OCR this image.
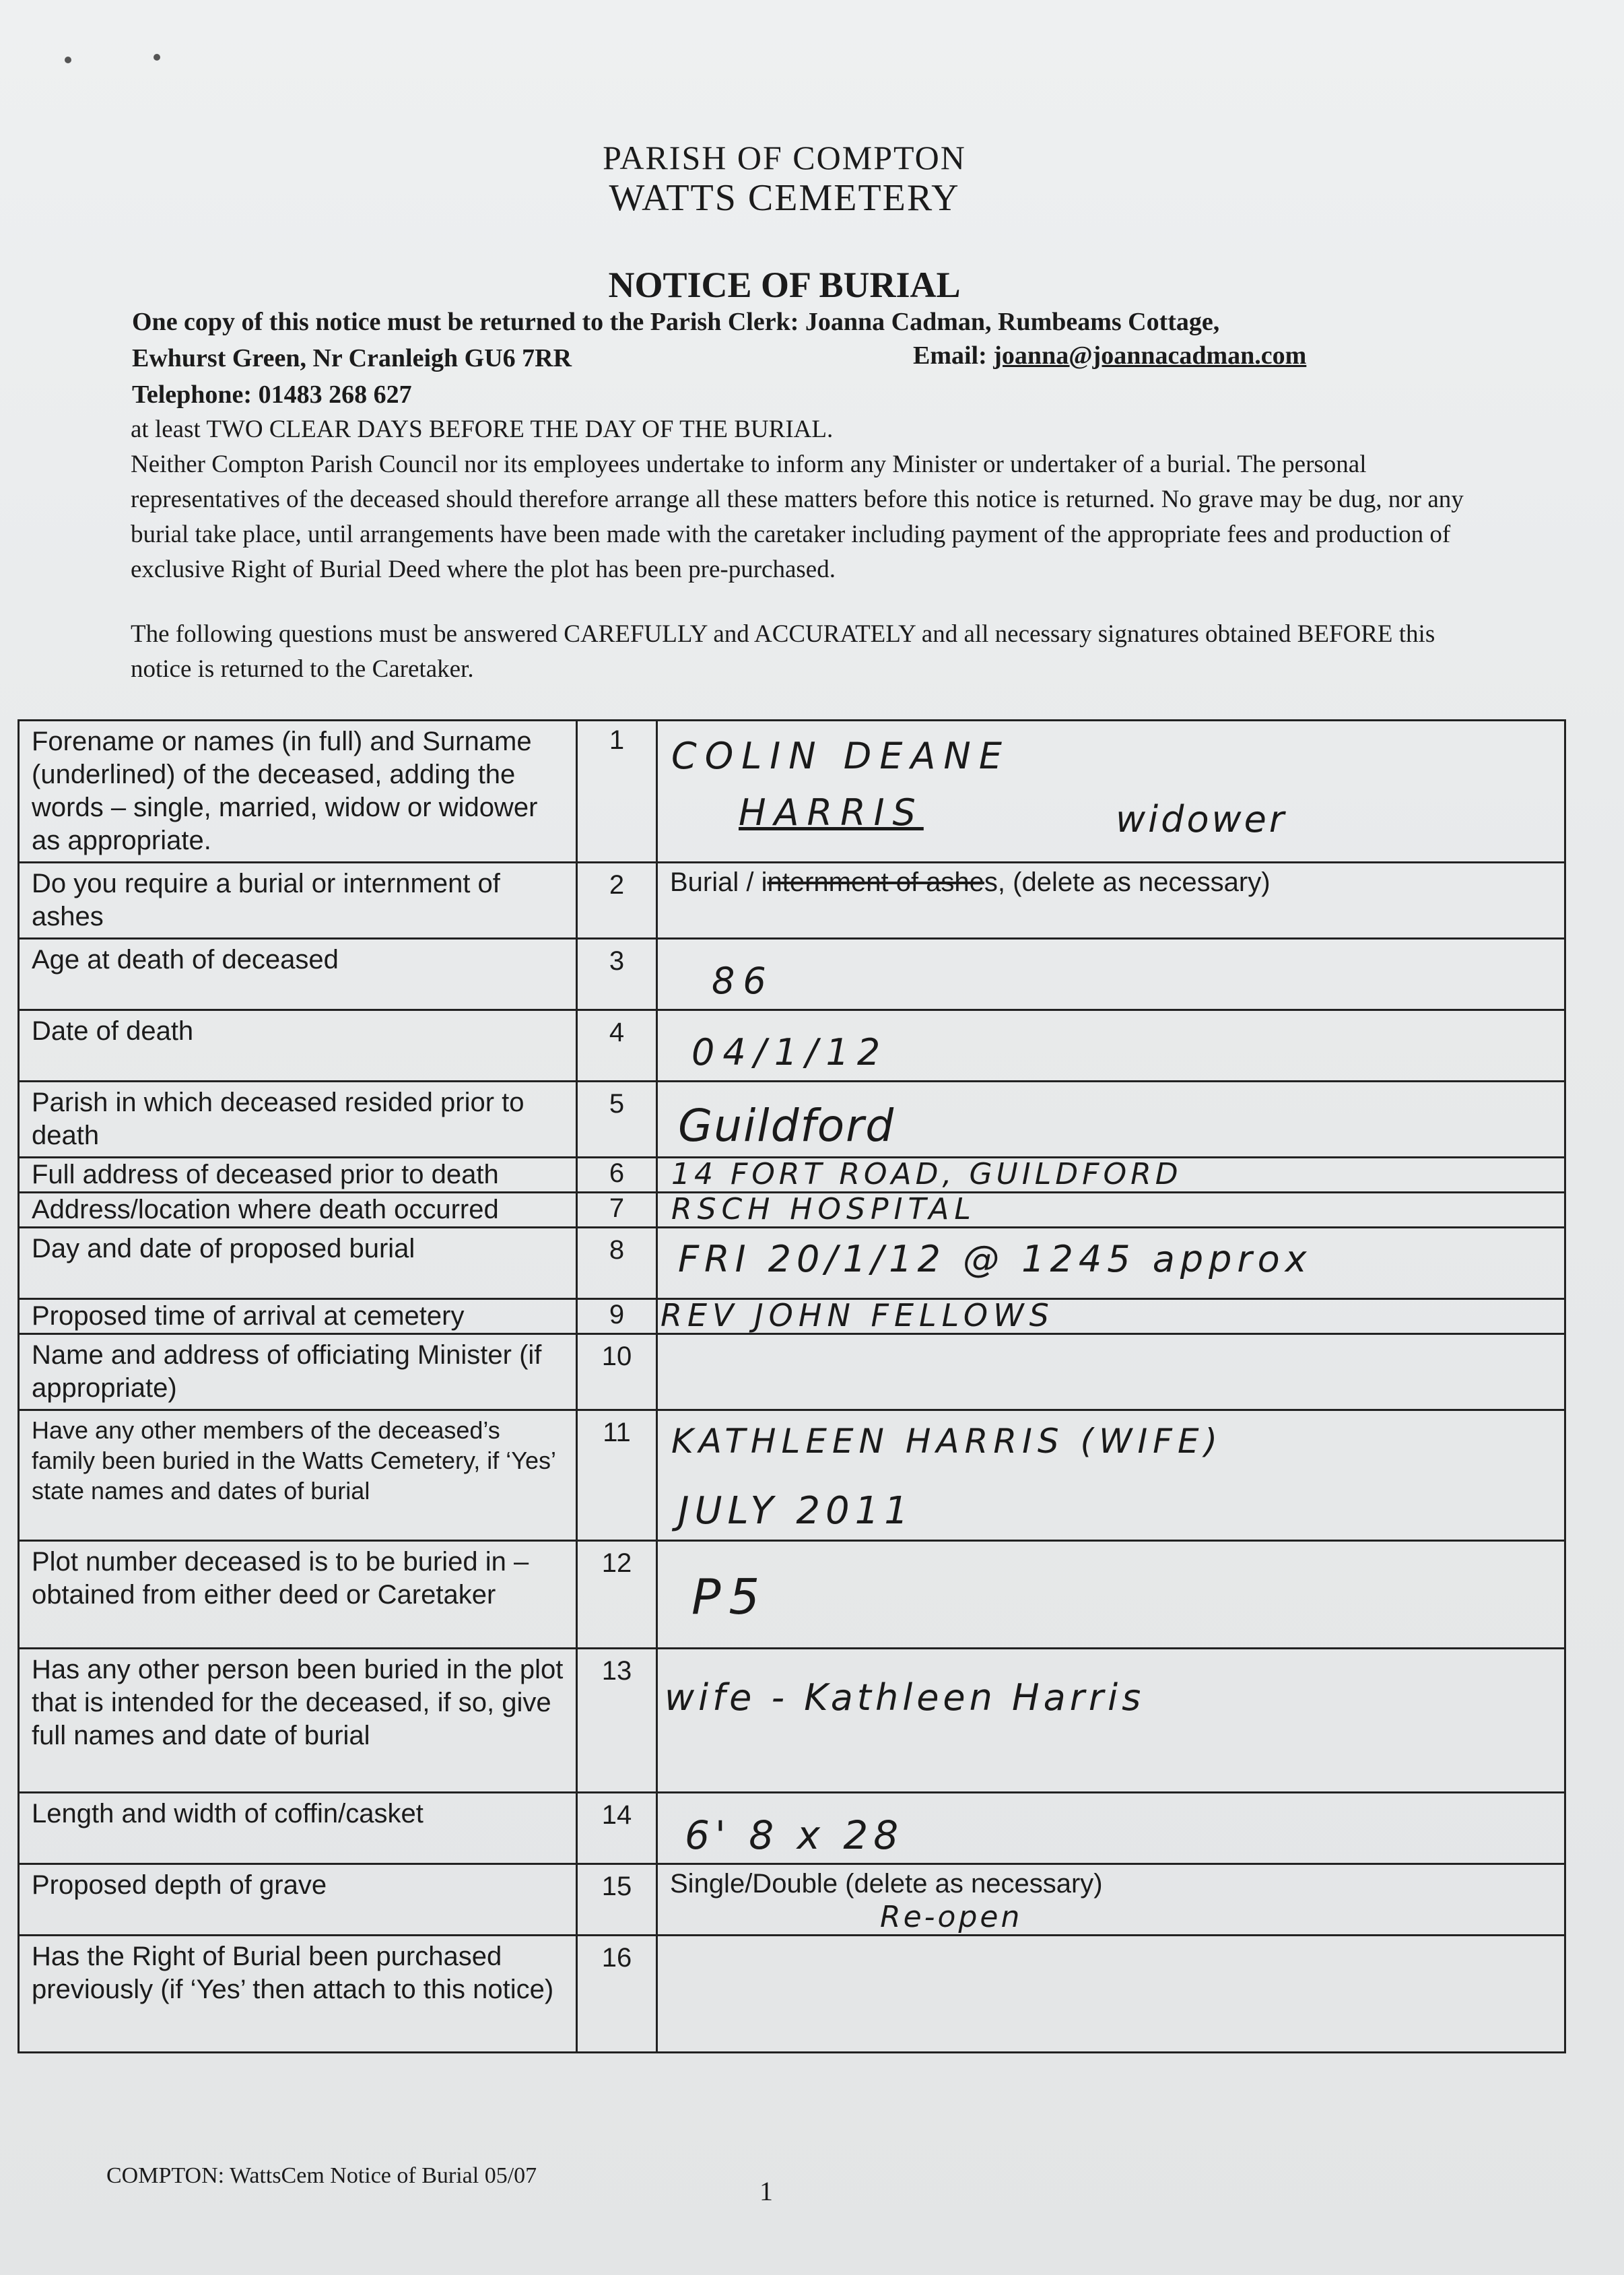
PARISH OF COMPTON
WATTS CEMETERY
NOTICE OF BURIAL
One copy of this notice must be returned to the Parish Clerk: Joanna Cadman, Rumbeams Cottage,
Ewhurst Green, Nr Cranleigh GU6 7RR	Email: joanna@joannacadman.com
Telephone: 01483 268 627
at least TWO CLEAR DAYS BEFORE THE DAY OF THE BURIAL.
Neither Compton Parish Council nor its employees undertake to inform any Minister or undertaker of a burial. The personal representatives of the deceased should therefore arrange all these matters before this notice is returned. No grave may be dug, nor any burial take place, until arrangements have been made with the caretaker including payment of the appropriate fees and production of exclusive Right of Burial Deed where the plot has been pre-purchased.
The following questions must be answered CAREFULLY and ACCURATELY and all necessary signatures obtained BEFORE this notice is returned to the Caretaker.
Forename or names (in full) and Surname (underlined) of the deceased, adding the words – single, married, widow or widower as appropriate.	1	COLIN DEANE
HARRIS widower

Do you require a burial or internment of ashes	2	Burial / internment of ashes, (delete as necessary)
Age at death of deceased	3	86

Date of death	4	04/1/12

Parish in which deceased resided prior to death	5	Guildford

Full address of deceased prior to death	6	14 FORT ROAD, GUILDFORD

Address/location where death occurred	7	RSCH HOSPITAL

Day and date of proposed burial	8	FRI 20/1/12 @ 1245 approx

Proposed time of arrival at cemetery	9	REV JOHN FELLOWS

Name and address of officiating Minister (if appropriate)	10	
Have any other members of the deceased’s family been buried in the Watts Cemetery, if ‘Yes’ state names and dates of burial	11	KATHLEEN HARRIS (WIFE)
JULY 2011

Plot number deceased is to be buried in – obtained from either deed or Caretaker	12	P5

Has any other person been buried in the plot that is intended for the deceased, if so, give full names and date of burial	13	wife - Kathleen Harris

Length and width of coffin/casket	14	6' 8 x 28

Proposed depth of grave	15	Single/Double (delete as necessary)
Re-open

Has the Right of Burial been purchased previously (if ‘Yes’ then attach to this notice)	16	
COMPTON: WattsCem Notice of Burial 05/07
1
